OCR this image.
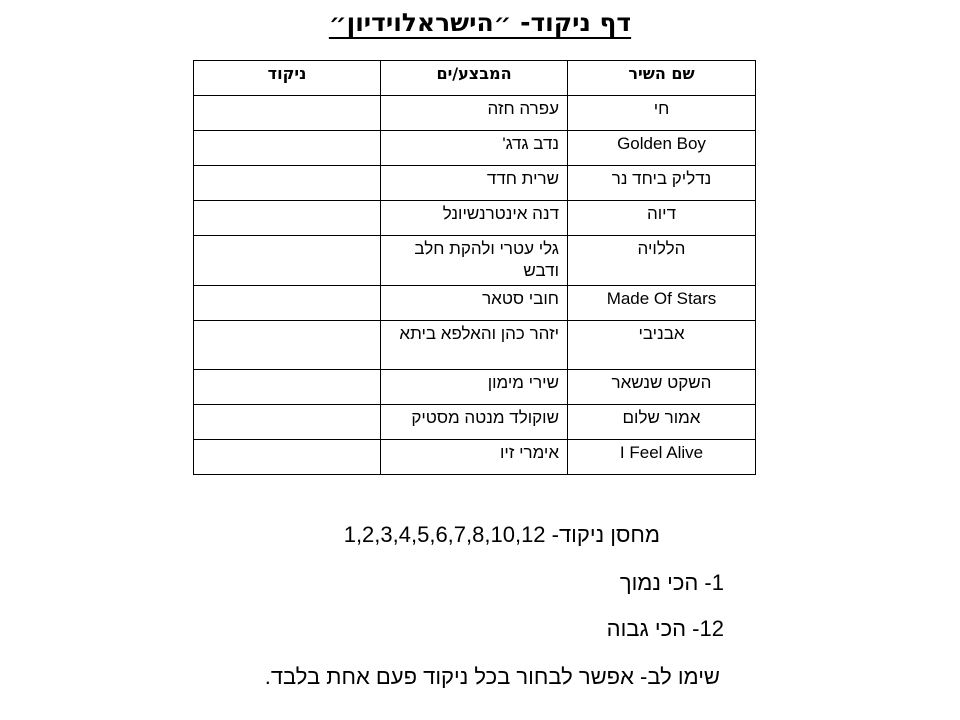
דף ניקוד- ״הישראלוידיון״
שם השיר	המבצע/ים	ניקוד
חי	עפרה חזה	
Golden Boy	נדב גדג'	
נדליק ביחד נר	שרית חדד	
דיוה	דנה אינטרנשיונל	
הללויה	גלי עטרי ולהקת חלב ודבש	
Made Of Stars	חובי סטאר	
אבניבי	יזהר כהן והאלפא ביתא	
השקט שנשאר	שירי מימון	
אמור שלום	שוקולד מנטה מסטיק	
I Feel Alive	אימרי זיו	
מחסן ניקוד- 1,2,3,4,5,6,7,8,10,12
1- הכי נמוך
12- הכי גבוה
שימו לב- אפשר לבחור בכל ניקוד פעם אחת בלבד.
